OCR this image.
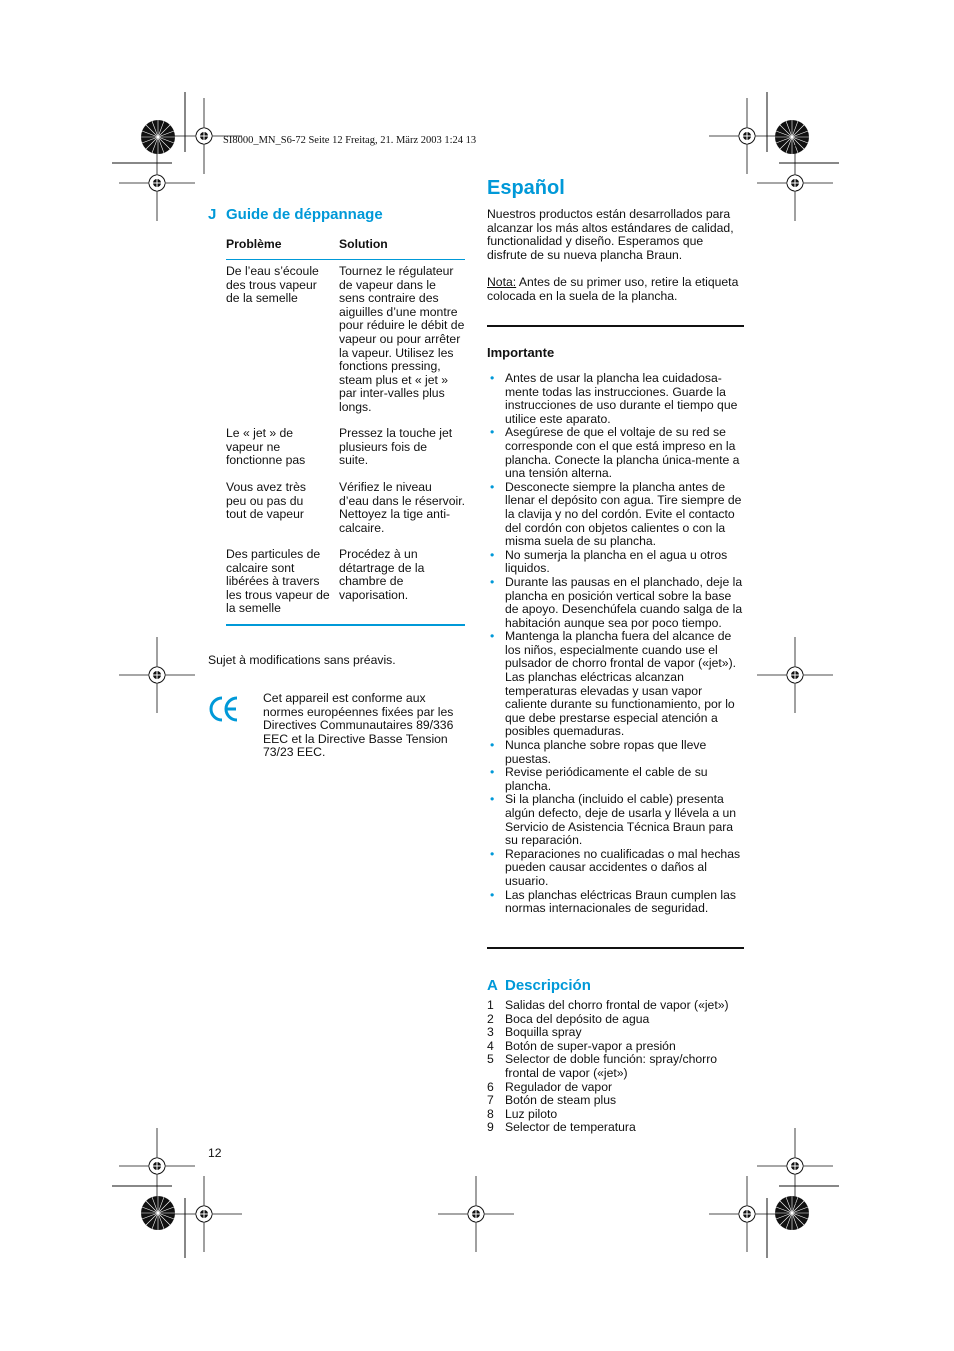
SI8000_MN_S6-72 Seite 12 Freitag, 21. März 2003 1:24 13
J Guide de déppannage
Problème	Solution
De l’eau s’écoule des trous vapeur de la semelle
Tournez le régulateur de vapeur dans le sens contraire des aiguilles d’une montre pour réduire le débit de vapeur ou pour arrêter la vapeur. Utilisez les fonctions pressing, steam plus et « jet » par inter-valles plus longs.
Le « jet » de vapeur ne fonctionne pas
Pressez la touche jet plusieurs fois de suite.
Vous avez très peu ou pas du tout de vapeur
Vérifiez le niveau d’eau dans le réservoir. Nettoyez la tige anti-calcaire.
Des particules de calcaire sont libérées à travers les trous vapeur de la semelle
Procédez à un détartrage de la chambre de vaporisation.
Sujet à modifications sans préavis.
Cet appareil est conforme aux normes européennes fixées par les Directives Communautaires 89/336 EEC et la Directive Basse Tension 73/23 EEC.
12
Español
Nuestros productos están desarrollados para alcanzar los más altos estándares de calidad, functionalidad y diseño. Esperamos que disfrute de su nueva plancha Braun.
Nota: Antes de su primer uso, retire la etiqueta colocada en la suela de la plancha.
Importante
• Antes de usar la plancha lea cuidadosa-mente todas las instrucciones. Guarde la instrucciones de uso durante el tiempo que utilice este aparato.
• Asegúrese de que el voltaje de su red se corresponde con el que está impreso en la plancha. Conecte la plancha única-mente a una tensión alterna.
• Desconecte siempre la plancha antes de llenar el depósito con agua. Tire siempre de la clavija y no del cordón. Evite el contacto del cordón con objetos calientes o con la misma suela de su plancha.
• No sumerja la plancha en el agua u otros liquidos.
• Durante las pausas en el planchado, deje la plancha en posición vertical sobre la base de apoyo. Desenchúfela cuando salga de la habitación aunque sea por poco tiempo.
• Mantenga la plancha fuera del alcance de los niños, especialmente cuando use el pulsador de chorro frontal de vapor («jet»). Las planchas eléctricas alcanzan temperaturas elevadas y usan vapor caliente durante su functionamiento, por lo que debe prestarse especial atención a posibles quemaduras.
• Nunca planche sobre ropas que lleve puestas.
• Revise periódicamente el cable de su plancha.
• Si la plancha (incluido el cable) presenta algún defecto, deje de usarla y llévela a un Servicio de Asistencia Técnica Braun para su reparación.
• Reparaciones no cualificadas o mal hechas pueden causar accidentes o daños al usuario.
• Las planchas eléctricas Braun cumplen las normas internacionales de seguridad.
A Descripción
1 Salidas del chorro frontal de vapor («jet»)
2 Boca del depósito de agua
3 Boquilla spray
4 Botón de super-vapor a presión
5 Selector de doble función: spray/chorro frontal de vapor («jet»)
6 Regulador de vapor
7 Botón de steam plus
8 Luz piloto
9 Selector de temperatura
